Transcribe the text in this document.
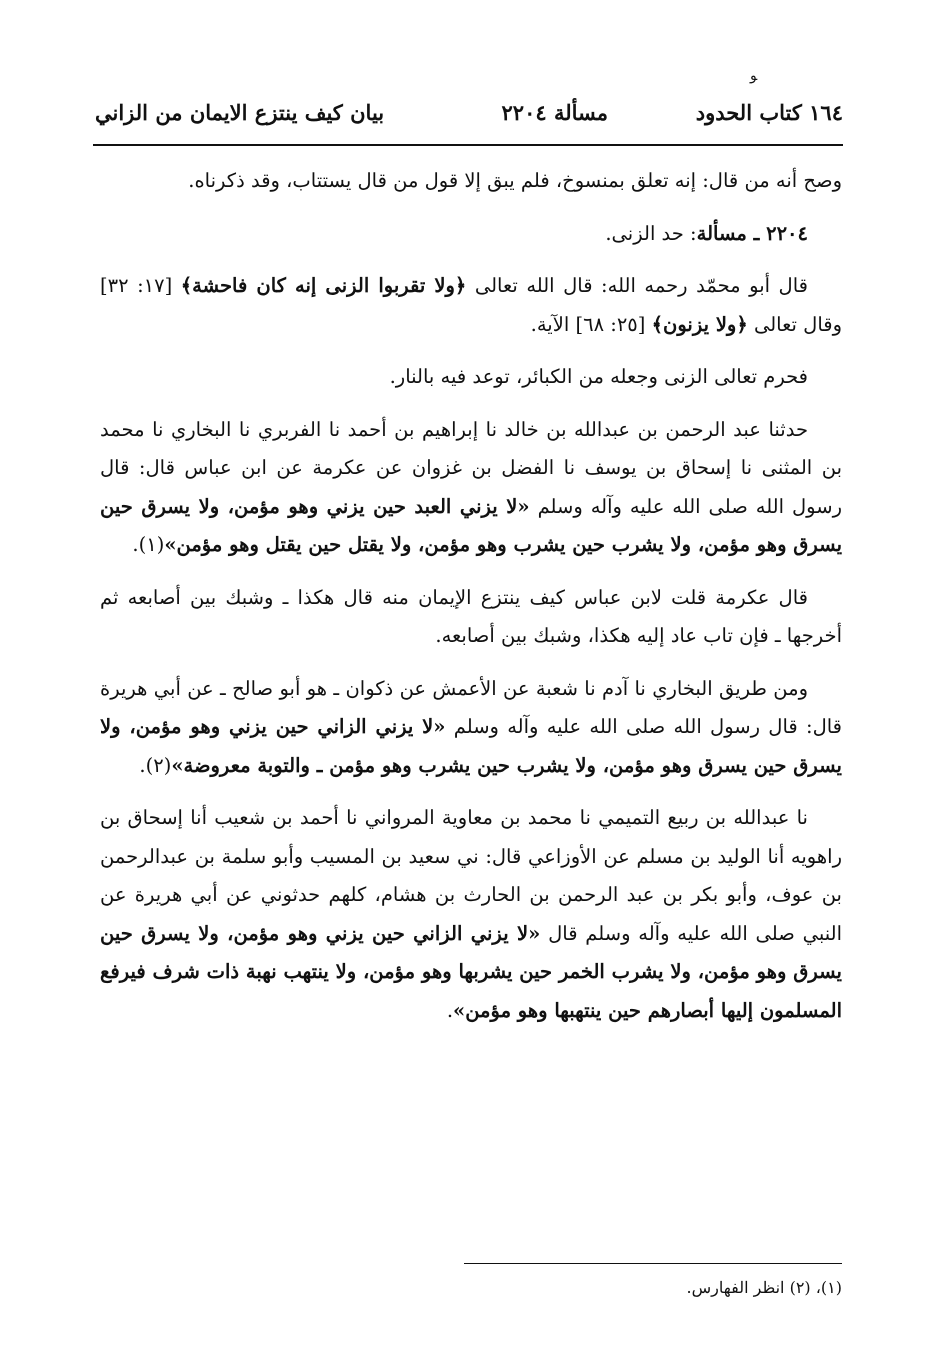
ﻮ
١٦٤ كتاب الحدود
مسألة ٢٢٠٤
بيان كيف ينتزع الايمان من الزاني

وصح أنه من قال: إنه تعلق بمنسوخ، فلم يبق إلا قول من قال يستتاب، وقد ذكرناه.

٢٢٠٤ ـ مسألة: حد الزنى.

قال أبو محمّد رحمه الله: قال الله تعالى ﴿ولا تقربوا الزنى إنه كان فاحشة﴾ [١٧: ٣٢] وقال تعالى ﴿ولا يزنون﴾ [٢٥: ٦٨] الآية.

فحرم تعالى الزنى وجعله من الكبائر، توعد فيه بالنار.

حدثنا عبد الرحمن بن عبدالله بن خالد نا إبراهيم بن أحمد نا الفربري نا البخاري نا محمد بن المثنى نا إسحاق بن يوسف نا الفضل بن غزوان عن عكرمة عن ابن عباس قال: قال رسول الله صلى الله عليه وآله وسلم «لا يزني العبد حين يزني وهو مؤمن، ولا يسرق حين يسرق وهو مؤمن، ولا يشرب حين يشرب وهو مؤمن، ولا يقتل حين يقتل وهو مؤمن»(١).

قال عكرمة قلت لابن عباس كيف ينتزع الإيمان منه قال هكذا ـ وشبك بين أصابعه ثم أخرجها ـ فإن تاب عاد إليه هكذا، وشبك بين أصابعه.

ومن طريق البخاري نا آدم نا شعبة عن الأعمش عن ذكوان ـ هو أبو صالح ـ عن أبي هريرة قال: قال رسول الله صلى الله عليه وآله وسلم «لا يزني الزاني حين يزني وهو مؤمن، ولا يسرق حين يسرق وهو مؤمن، ولا يشرب حين يشرب وهو مؤمن ـ والتوبة معروضة»(٢).

نا عبدالله بن ربيع التميمي نا محمد بن معاوية المرواني نا أحمد بن شعيب أنا إسحاق بن راهويه أنا الوليد بن مسلم عن الأوزاعي قال: ني سعيد بن المسيب وأبو سلمة بن عبدالرحمن بن عوف، وأبو بكر بن عبد الرحمن بن الحارث بن هشام، كلهم حدثوني عن أبي هريرة عن النبي صلى الله عليه وآله وسلم قال «لا يزني الزاني حين يزني وهو مؤمن، ولا يسرق حين يسرق وهو مؤمن، ولا يشرب الخمر حين يشربها وهو مؤمن، ولا ينتهب نهبة ذات شرف فيرفع المسلمون إليها أبصارهم حين ينتهبها وهو مؤمن».

(١)، (٢) انظر الفهارس.
